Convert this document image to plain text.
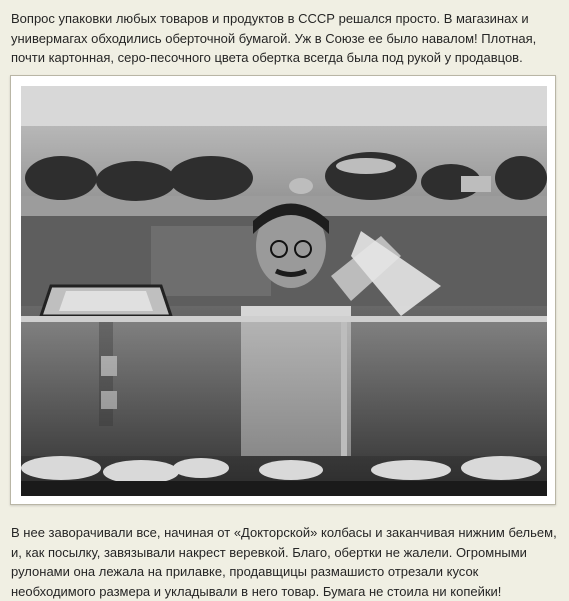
Вопрос упаковки любых товаров и продуктов в СССР решался просто. В магазинах и универмагах обходились оберточной бумагой. Уж в Союзе ее было навалом! Плотная, почти картонная, серо-песочного цвета обертка всегда была под рукой у продавцов.

В нее заворачивали все, начиная от «Докторской» колбасы и заканчивая нижним бельем, и, как посылку, завязывали накрест веревкой. Благо, обертки не жалели. Огромными рулонами она лежала на прилавке, продавщицы размашисто отрезали кусок необходимого размера и укладывали в него товар. Бумага не стоила ни копейки!
